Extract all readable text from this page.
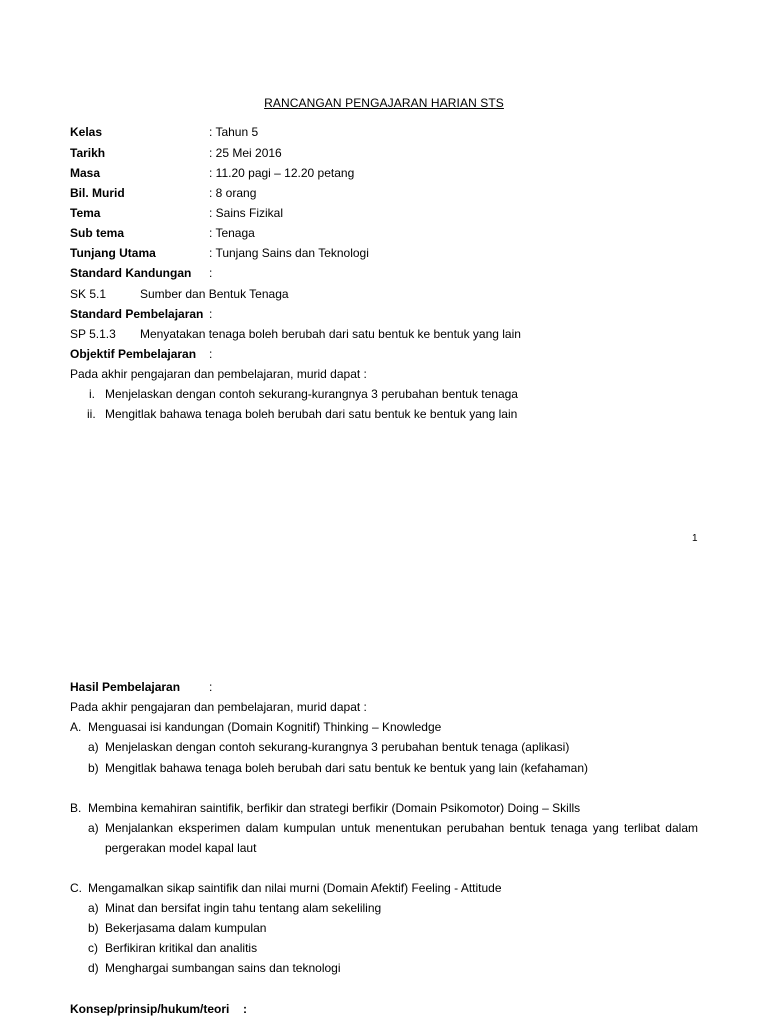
RANCANGAN PENGAJARAN HARIAN STS
Kelas	: Tahun 5
Tarikh	: 25 Mei 2016
Masa	: 11.20 pagi – 12.20 petang
Bil. Murid	: 8 orang
Tema	: Sains Fizikal
Sub tema	: Tenaga
Tunjang Utama	: Tunjang Sains dan Teknologi
Standard Kandungan :
SK 5.1	Sumber dan Bentuk Tenaga
Standard Pembelajaran :
SP 5.1.3 Menyatakan tenaga boleh berubah dari satu bentuk ke bentuk yang lain
Objektif Pembelajaran :
Pada akhir pengajaran dan pembelajaran, murid dapat :
i. Menjelaskan dengan contoh sekurang-kurangnya 3 perubahan bentuk tenaga
ii. Mengitlak bahawa tenaga boleh berubah dari satu bentuk ke bentuk yang lain
1
Hasil Pembelajaran :
Pada akhir pengajaran dan pembelajaran, murid dapat :
A. Menguasai isi kandungan (Domain Kognitif) Thinking – Knowledge
a) Menjelaskan dengan contoh sekurang-kurangnya 3 perubahan bentuk tenaga (aplikasi)
b) Mengitlak bahawa tenaga boleh berubah dari satu bentuk ke bentuk yang lain (kefahaman)
B. Membina kemahiran saintifik, berfikir dan strategi berfikir (Domain Psikomotor) Doing – Skills
a) Menjalankan eksperimen dalam kumpulan untuk menentukan perubahan bentuk tenaga yang terlibat dalam
pergerakan model kapal laut
C. Mengamalkan sikap saintifik dan nilai murni (Domain Afektif) Feeling - Attitude
a) Minat dan bersifat ingin tahu tentang alam sekeliling
b) Bekerjasama dalam kumpulan
c) Berfikiran kritikal dan analitis
d) Menghargai sumbangan sains dan teknologi
Konsep/prinsip/hukum/teori :
